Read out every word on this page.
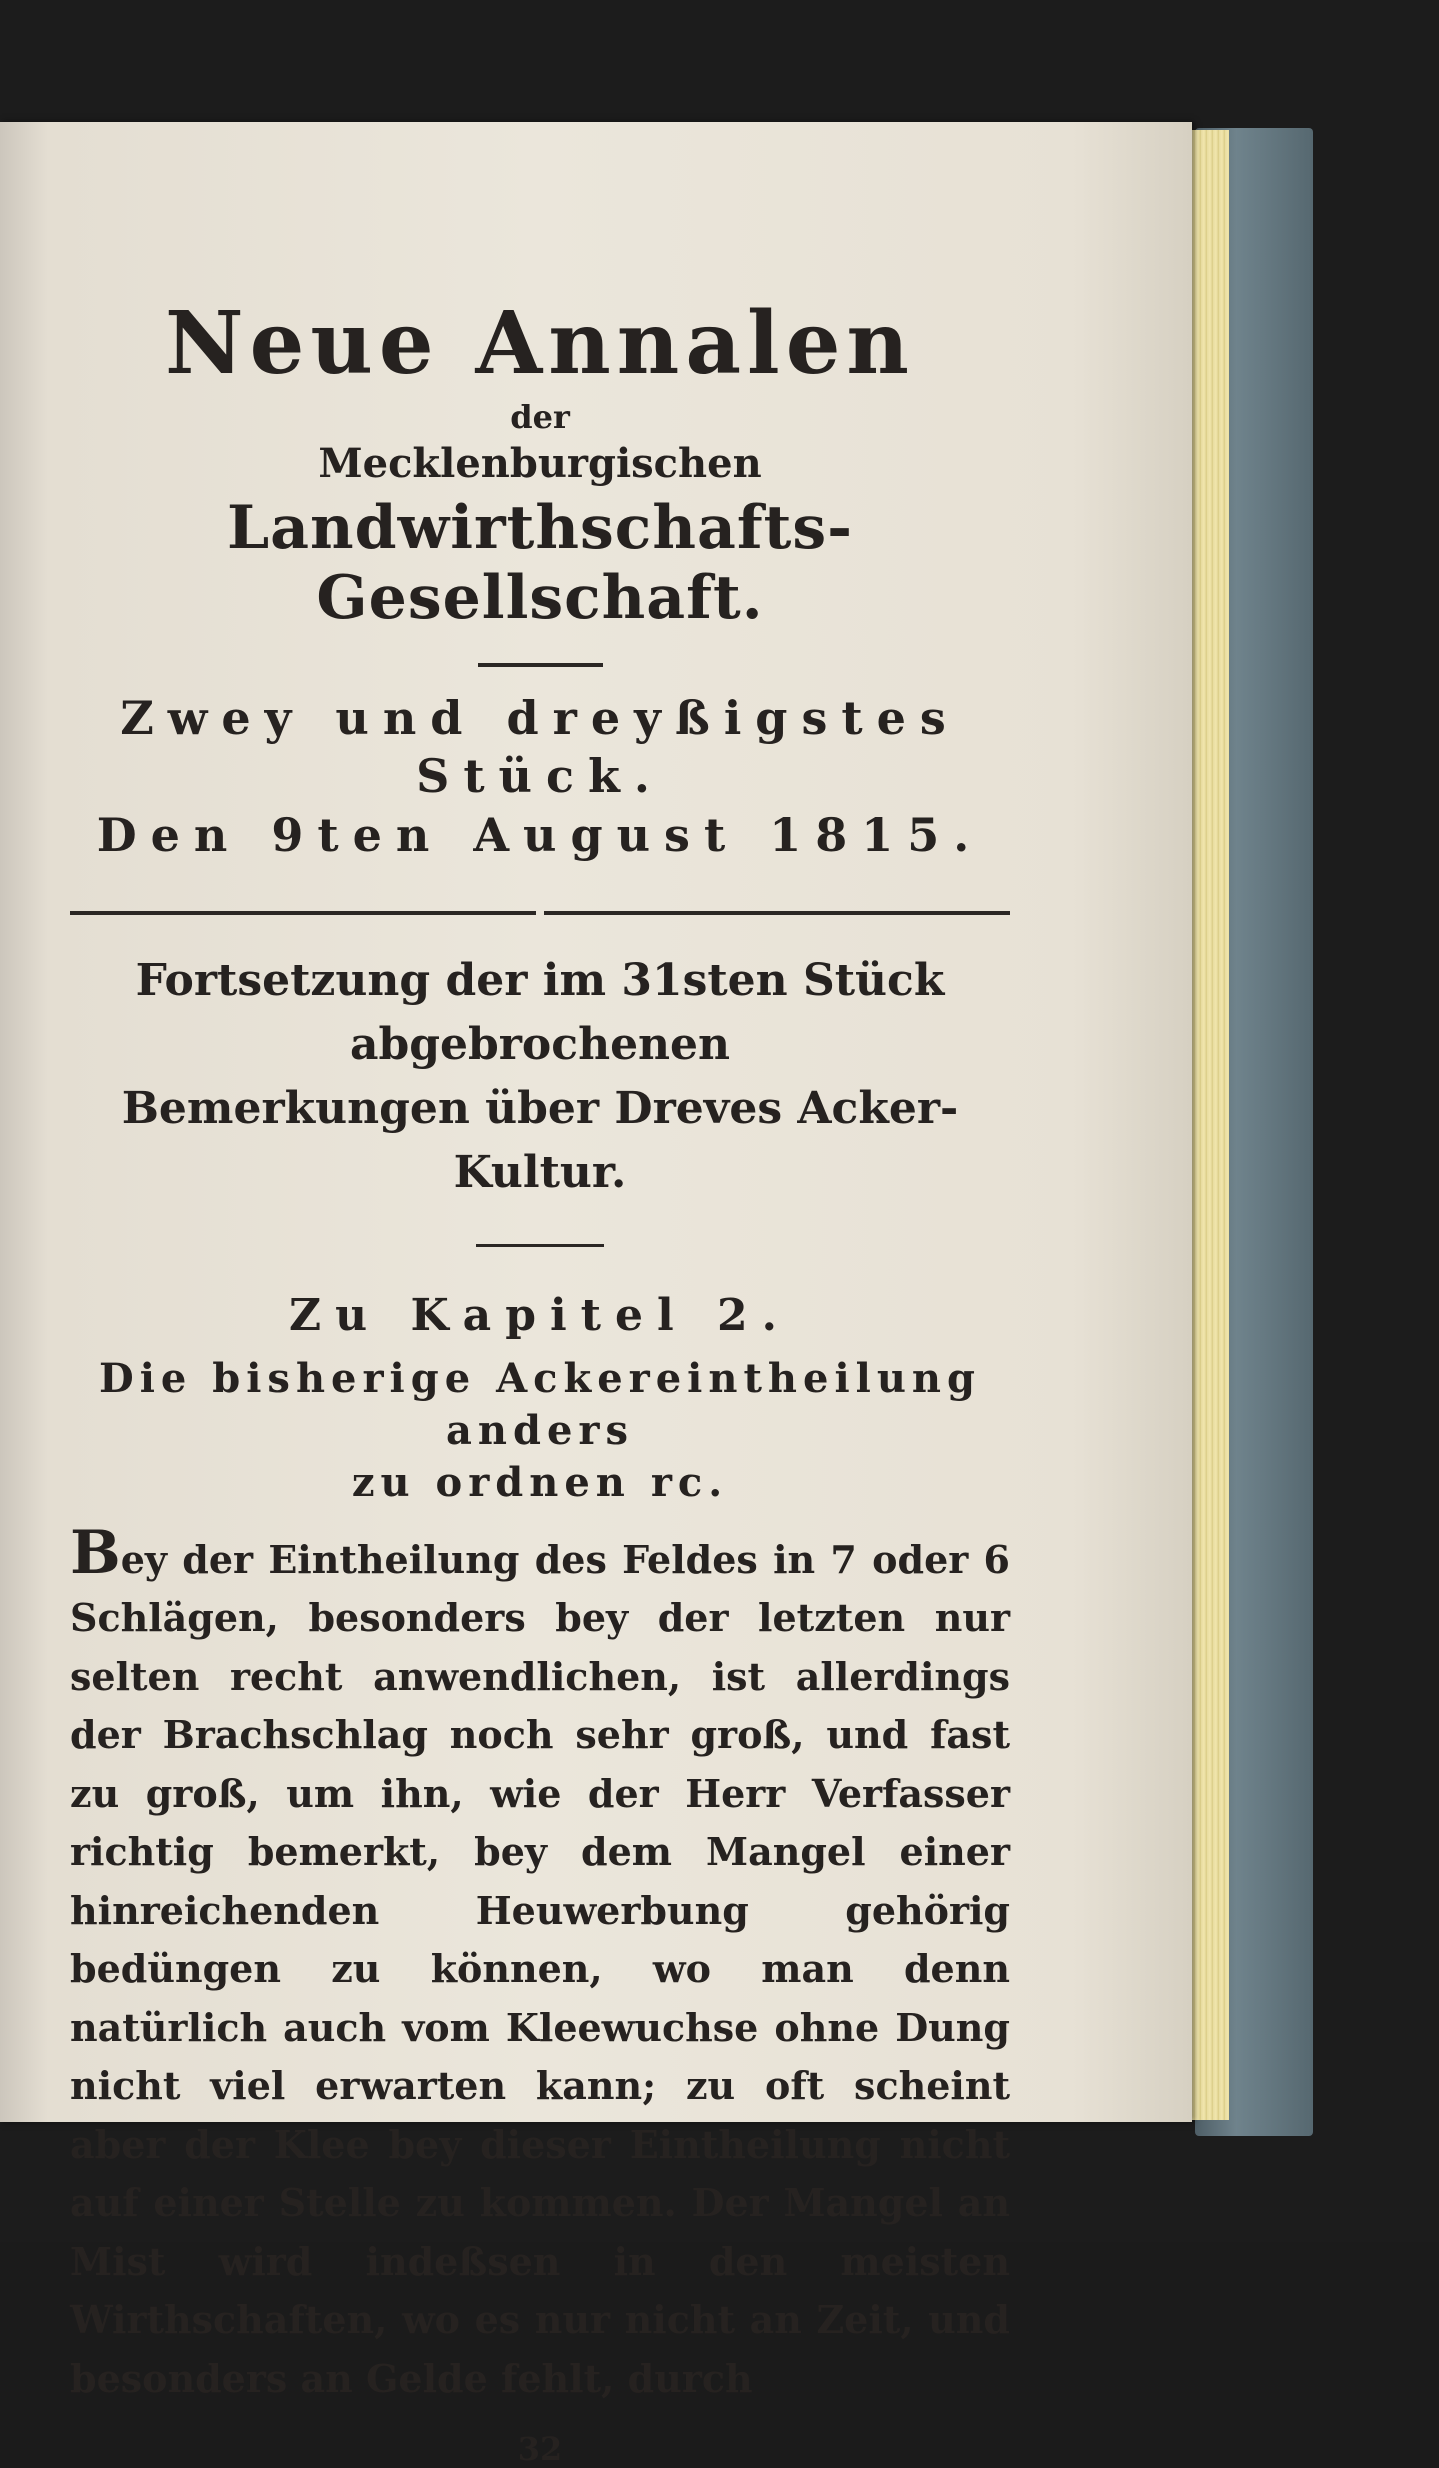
Neue Annalen
der
Mecklenburgischen
Landwirthschafts-Gesellschaft.
Zwey und dreyßigstes Stück.
Den 9ten August 1815.
Fortsetzung der im 31sten Stück abgebrochenen
Bemerkungen über Dreves Acker-Kultur.
Zu Kapitel 2.
Die bisherige Ackereintheilung anders
zu ordnen rc.

Bey der Eintheilung des Feldes in 7 oder 6 Schlägen, besonders bey der letzten nur selten recht anwendlichen, ist allerdings der Brachschlag noch sehr groß, und fast zu groß, um ihn, wie der Herr Verfasser richtig bemerkt, bey dem Mangel einer hinreichenden Heuwerbung gehörig bedüngen zu können, wo man denn natürlich auch vom Kleewuchse ohne Dung nicht viel erwarten kann; zu oft scheint aber der Klee bey dieser Eintheilung nicht auf einer Stelle zu kommen. Der Mangel an Mist wird indeßsen in den meisten Wirthschaften, wo es nur nicht an Zeit, und besonders an Gelde fehlt, durch

32
